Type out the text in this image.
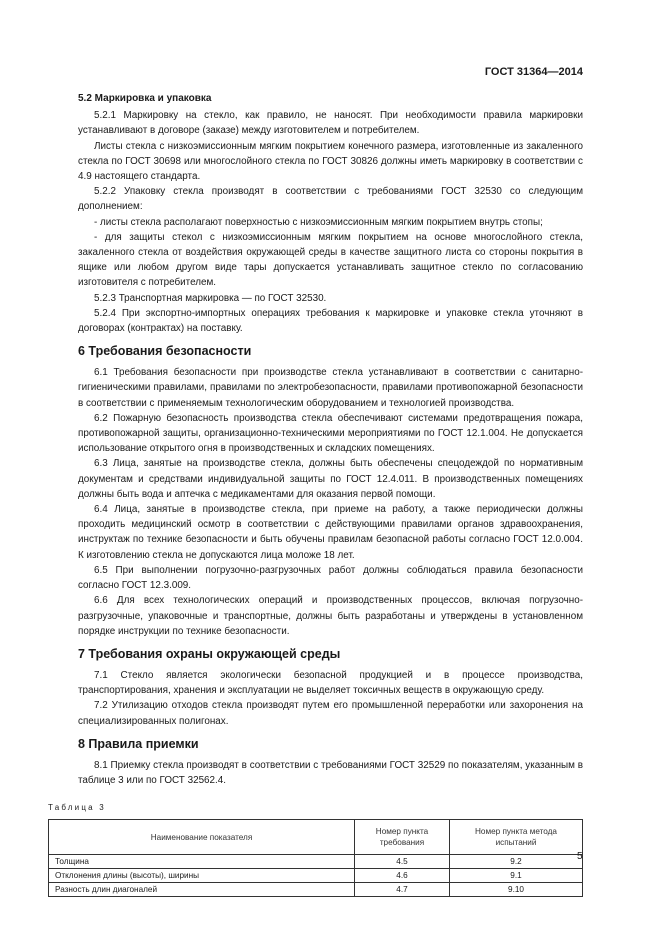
ГОСТ 31364—2014
5.2 Маркировка и упаковка

5.2.1 Маркировку на стекло, как правило, не наносят. При необходимости правила маркировки устанавливают в договоре (заказе) между изготовителем и потребителем.

Листы стекла с низкоэмиссионным мягким покрытием конечного размера, изготовленные из закаленного стекла по ГОСТ 30698 или многослойного стекла по ГОСТ 30826 должны иметь маркировку в соответствии с 4.9 настоящего стандарта.

5.2.2 Упаковку стекла производят в соответствии с требованиями ГОСТ 32530 со следующим дополнением:

- листы стекла располагают поверхностью с низкоэмиссионным мягким покрытием внутрь стопы;

- для защиты стекол с низкоэмиссионным мягким покрытием на основе многослойного стекла, закаленного стекла от воздействия окружающей среды в качестве защитного листа со стороны покрытия в ящике или любом другом виде тары допускается устанавливать защитное стекло по согласованию изготовителя с потребителем.

5.2.3 Транспортная маркировка — по ГОСТ 32530.

5.2.4 При экспортно-импортных операциях требования к маркировке и упаковке стекла уточняют в договорах (контрактах) на поставку.

6 Требования безопасности

6.1 Требования безопасности при производстве стекла устанавливают в соответствии с санитарно-гигиеническими правилами, правилами по электробезопасности, правилами противопожарной безопасности в соответствии с применяемым технологическим оборудованием и технологией производства.

6.2 Пожарную безопасность производства стекла обеспечивают системами предотвращения пожара, противопожарной защиты, организационно-техническими мероприятиями по ГОСТ 12.1.004. Не допускается использование открытого огня в производственных и складских помещениях.

6.3 Лица, занятые на производстве стекла, должны быть обеспечены спецодеждой по нормативным документам и средствами индивидуальной защиты по ГОСТ 12.4.011. В производственных помещениях должны быть вода и аптечка с медикаментами для оказания первой помощи.

6.4 Лица, занятые в производстве стекла, при приеме на работу, а также периодически должны проходить медицинский осмотр в соответствии с действующими правилами органов здравоохранения, инструктаж по технике безопасности и быть обучены правилам безопасной работы согласно ГОСТ 12.0.004. К изготовлению стекла не допускаются лица моложе 18 лет.

6.5 При выполнении погрузочно-разгрузочных работ должны соблюдаться правила безопасности согласно ГОСТ 12.3.009.

6.6 Для всех технологических операций и производственных процессов, включая погрузочно-разгрузочные, упаковочные и транспортные, должны быть разработаны и утверждены в установленном порядке инструкции по технике безопасности.

7 Требования охраны окружающей среды

7.1 Стекло является экологически безопасной продукцией и в процессе производства, транспортирования, хранения и эксплуатации не выделяет токсичных веществ в окружающую среду.

7.2 Утилизацию отходов стекла производят путем его промышленной переработки или захоронения на специализированных полигонах.

8 Правила приемки

8.1 Приемку стекла производят в соответствии с требованиями ГОСТ 32529 по показателям, указанным в таблице 3 или по ГОСТ 32562.4.

Таблица 3
Наименование показателя	Номер пункта требования	Номер пункта метода испытаний
Толщина	4.5	9.2
Отклонения длины (высоты), ширины	4.6	9.1
Разность длин диагоналей	4.7	9.10
5
